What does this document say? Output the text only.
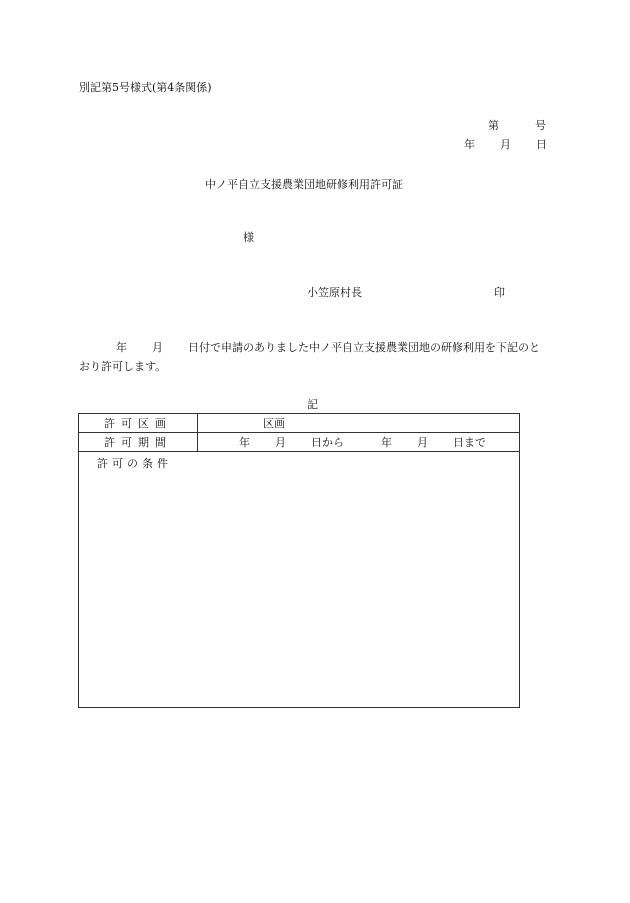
別記第5号様式(第4条関係)
第	号
年 月 日
中ノ平自立支援農業団地研修利用許可証
様
小笠原村長	印
年 月 日付で申請のありました中ノ平自立支援農業団地の研修利用を下記のとおり許可します。
記
許可区画	区画
許可期間	年 月 日から 年 月 日まで
許可の条件	
